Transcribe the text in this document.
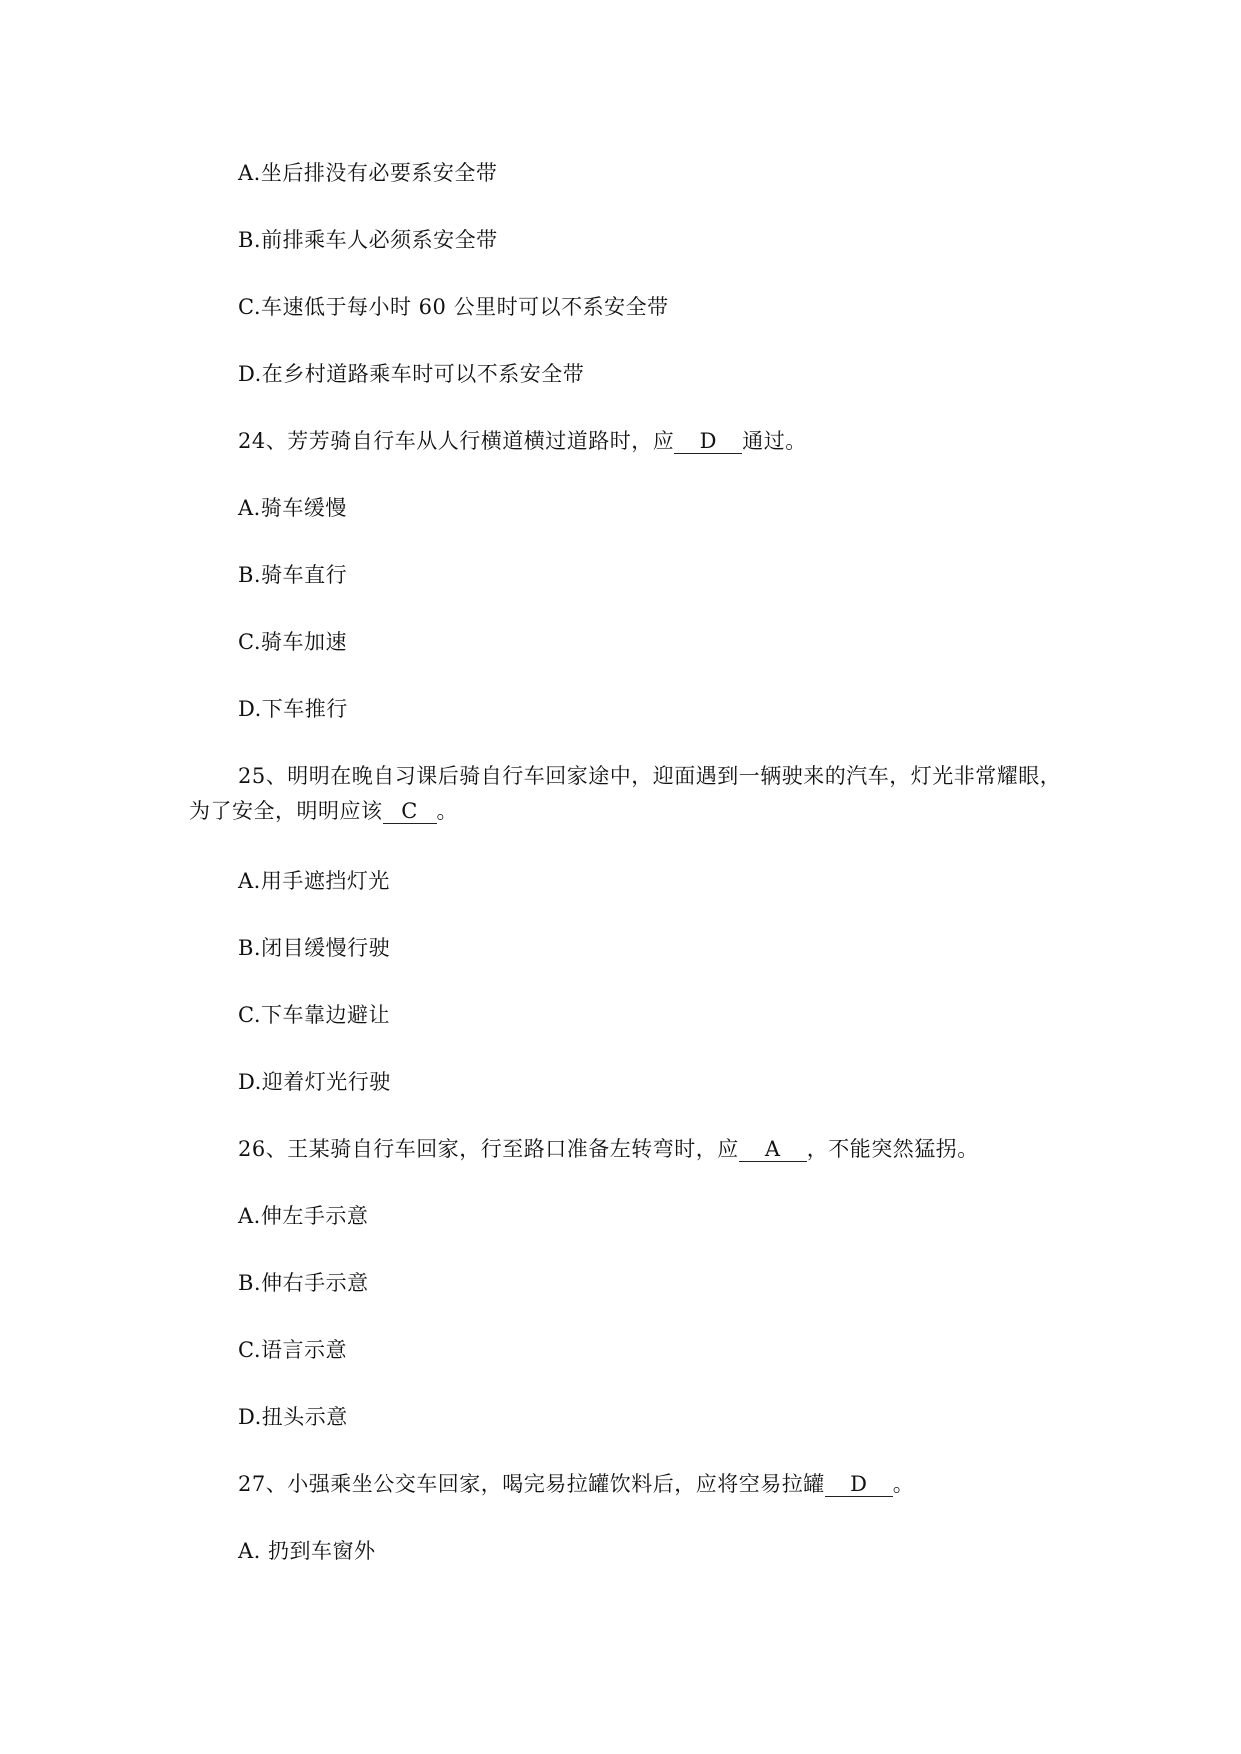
A.坐后排没有必要系安全带

B.前排乘车人必须系安全带

C.车速低于每小时 60 公里时可以不系安全带

D.在乡村道路乘车时可以不系安全带

24、芳芳骑自行车从人行横道横过道路时，应 D 通过。

A.骑车缓慢

B.骑车直行

C.骑车加速

D.下车推行

25、明明在晚自习课后骑自行车回家途中，迎面遇到一辆驶来的汽车，灯光非常耀眼，

为了安全，明明应该 C 。

A.用手遮挡灯光

B.闭目缓慢行驶

C.下车靠边避让

D.迎着灯光行驶

26、王某骑自行车回家，行至路口准备左转弯时，应 A ，不能突然猛拐。

A.伸左手示意

B.伸右手示意

C.语言示意

D.扭头示意

27、小强乘坐公交车回家，喝完易拉罐饮料后，应将空易拉罐 D 。

A. 扔到车窗外
